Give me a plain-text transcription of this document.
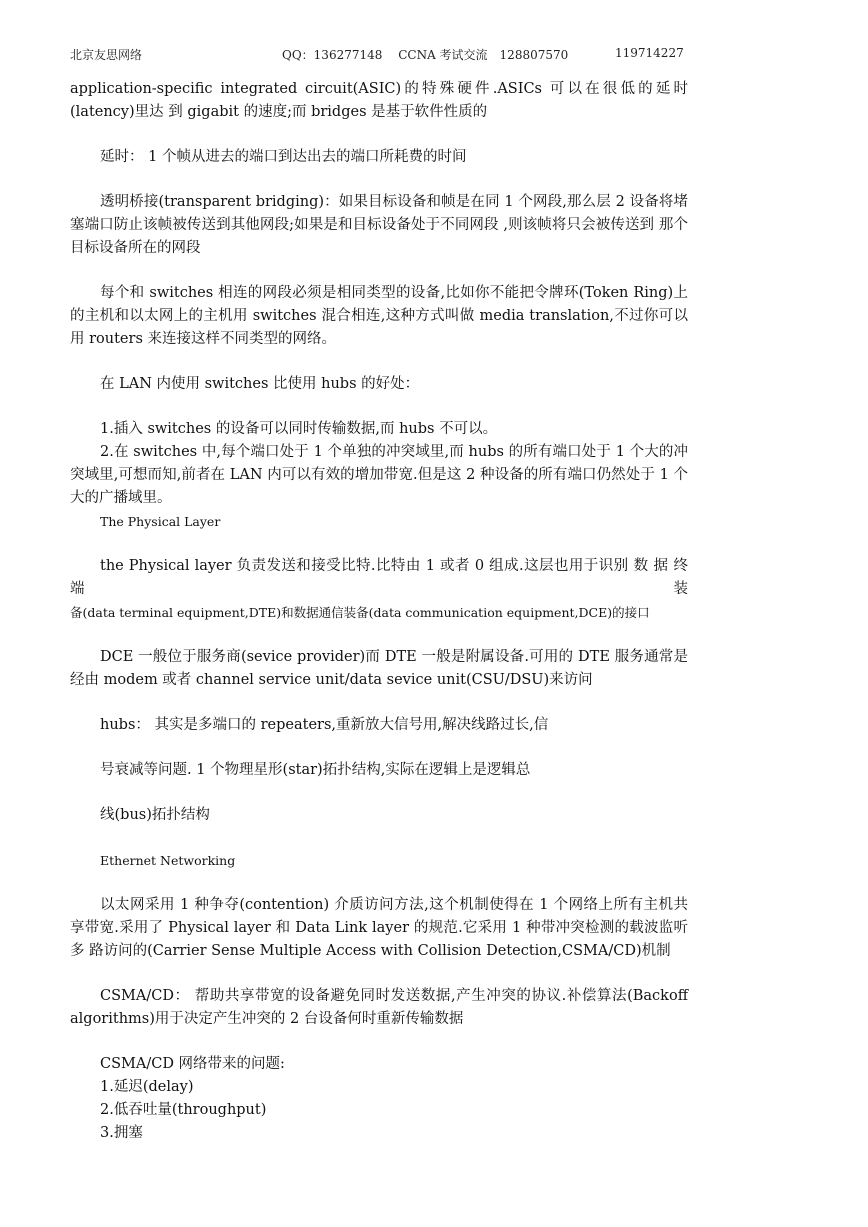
北京友思网络	QQ：136277148　 CCNA 考试交流　128807570	119714227

application-specific integrated circuit(ASIC)的特殊硬件.ASICs 可以在很低的延时(latency)里达 到 gigabit 的速度;而 bridges 是基于软件性质的

延时： 1 个帧从进去的端口到达出去的端口所耗费的时间

透明桥接(transparent bridging)：如果目标设备和帧是在同 1 个网段,那么层 2 设备将堵 塞端口防止该帧被传送到其他网段;如果是和目标设备处于不同网段 ,则该帧将只会被传送到 那个目标设备所在的网段

每个和 switches 相连的网段必须是相同类型的设备,比如你不能把令牌环(Token Ring)上 的主机和以太网上的主机用 switches 混合相连,这种方式叫做 media translation,不过你可以用 routers 来连接这样不同类型的网络。

在 LAN 内使用 switches 比使用 hubs 的好处：

1.插入 switches 的设备可以同时传输数据,而 hubs 不可以。

2.在 switches 中,每个端口处于 1 个单独的冲突域里,而 hubs 的所有端口处于 1 个大的冲 突域里,可想而知,前者在 LAN 内可以有效的增加带宽.但是这 2 种设备的所有端口仍然处于 1 个大的广播域里。

The Physical Layer

the Physical layer 负责发送和接受比特.比特由 1 或者 0 组成.这层也用于识别 数 据 终 端 装

备(data terminal equipment,DTE)和数据通信装备(data communication equipment,DCE)的接口

DCE 一般位于服务商(sevice provider)而 DTE 一般是附属设备.可用的 DTE 服务通常是 经由 modem 或者 channel service unit/data sevice unit(CSU/DSU)来访问

hubs： 其实是多端口的 repeaters,重新放大信号用,解决线路过长,信

号衰减等问题. 1 个物理星形(star)拓扑结构,实际在逻辑上是逻辑总

线(bus)拓扑结构

Ethernet Networking

以太网采用 1 种争夺(contention) 介质访问方法,这个机制使得在 1 个网络上所有主机共 享带宽.采用了 Physical layer 和 Data Link layer 的规范.它采用 1 种带冲突检测的载波监听多 路访问的(Carrier Sense Multiple Access with Collision Detection,CSMA/CD)机制

CSMA/CD： 帮助共享带宽的设备避免同时发送数据,产生冲突的协议.补偿算法(Backoff algorithms)用于决定产生冲突的 2 台设备何时重新传输数据

CSMA/CD 网络带来的问题:

1.延迟(delay)

2.低吞吐量(throughput)

3.拥塞
